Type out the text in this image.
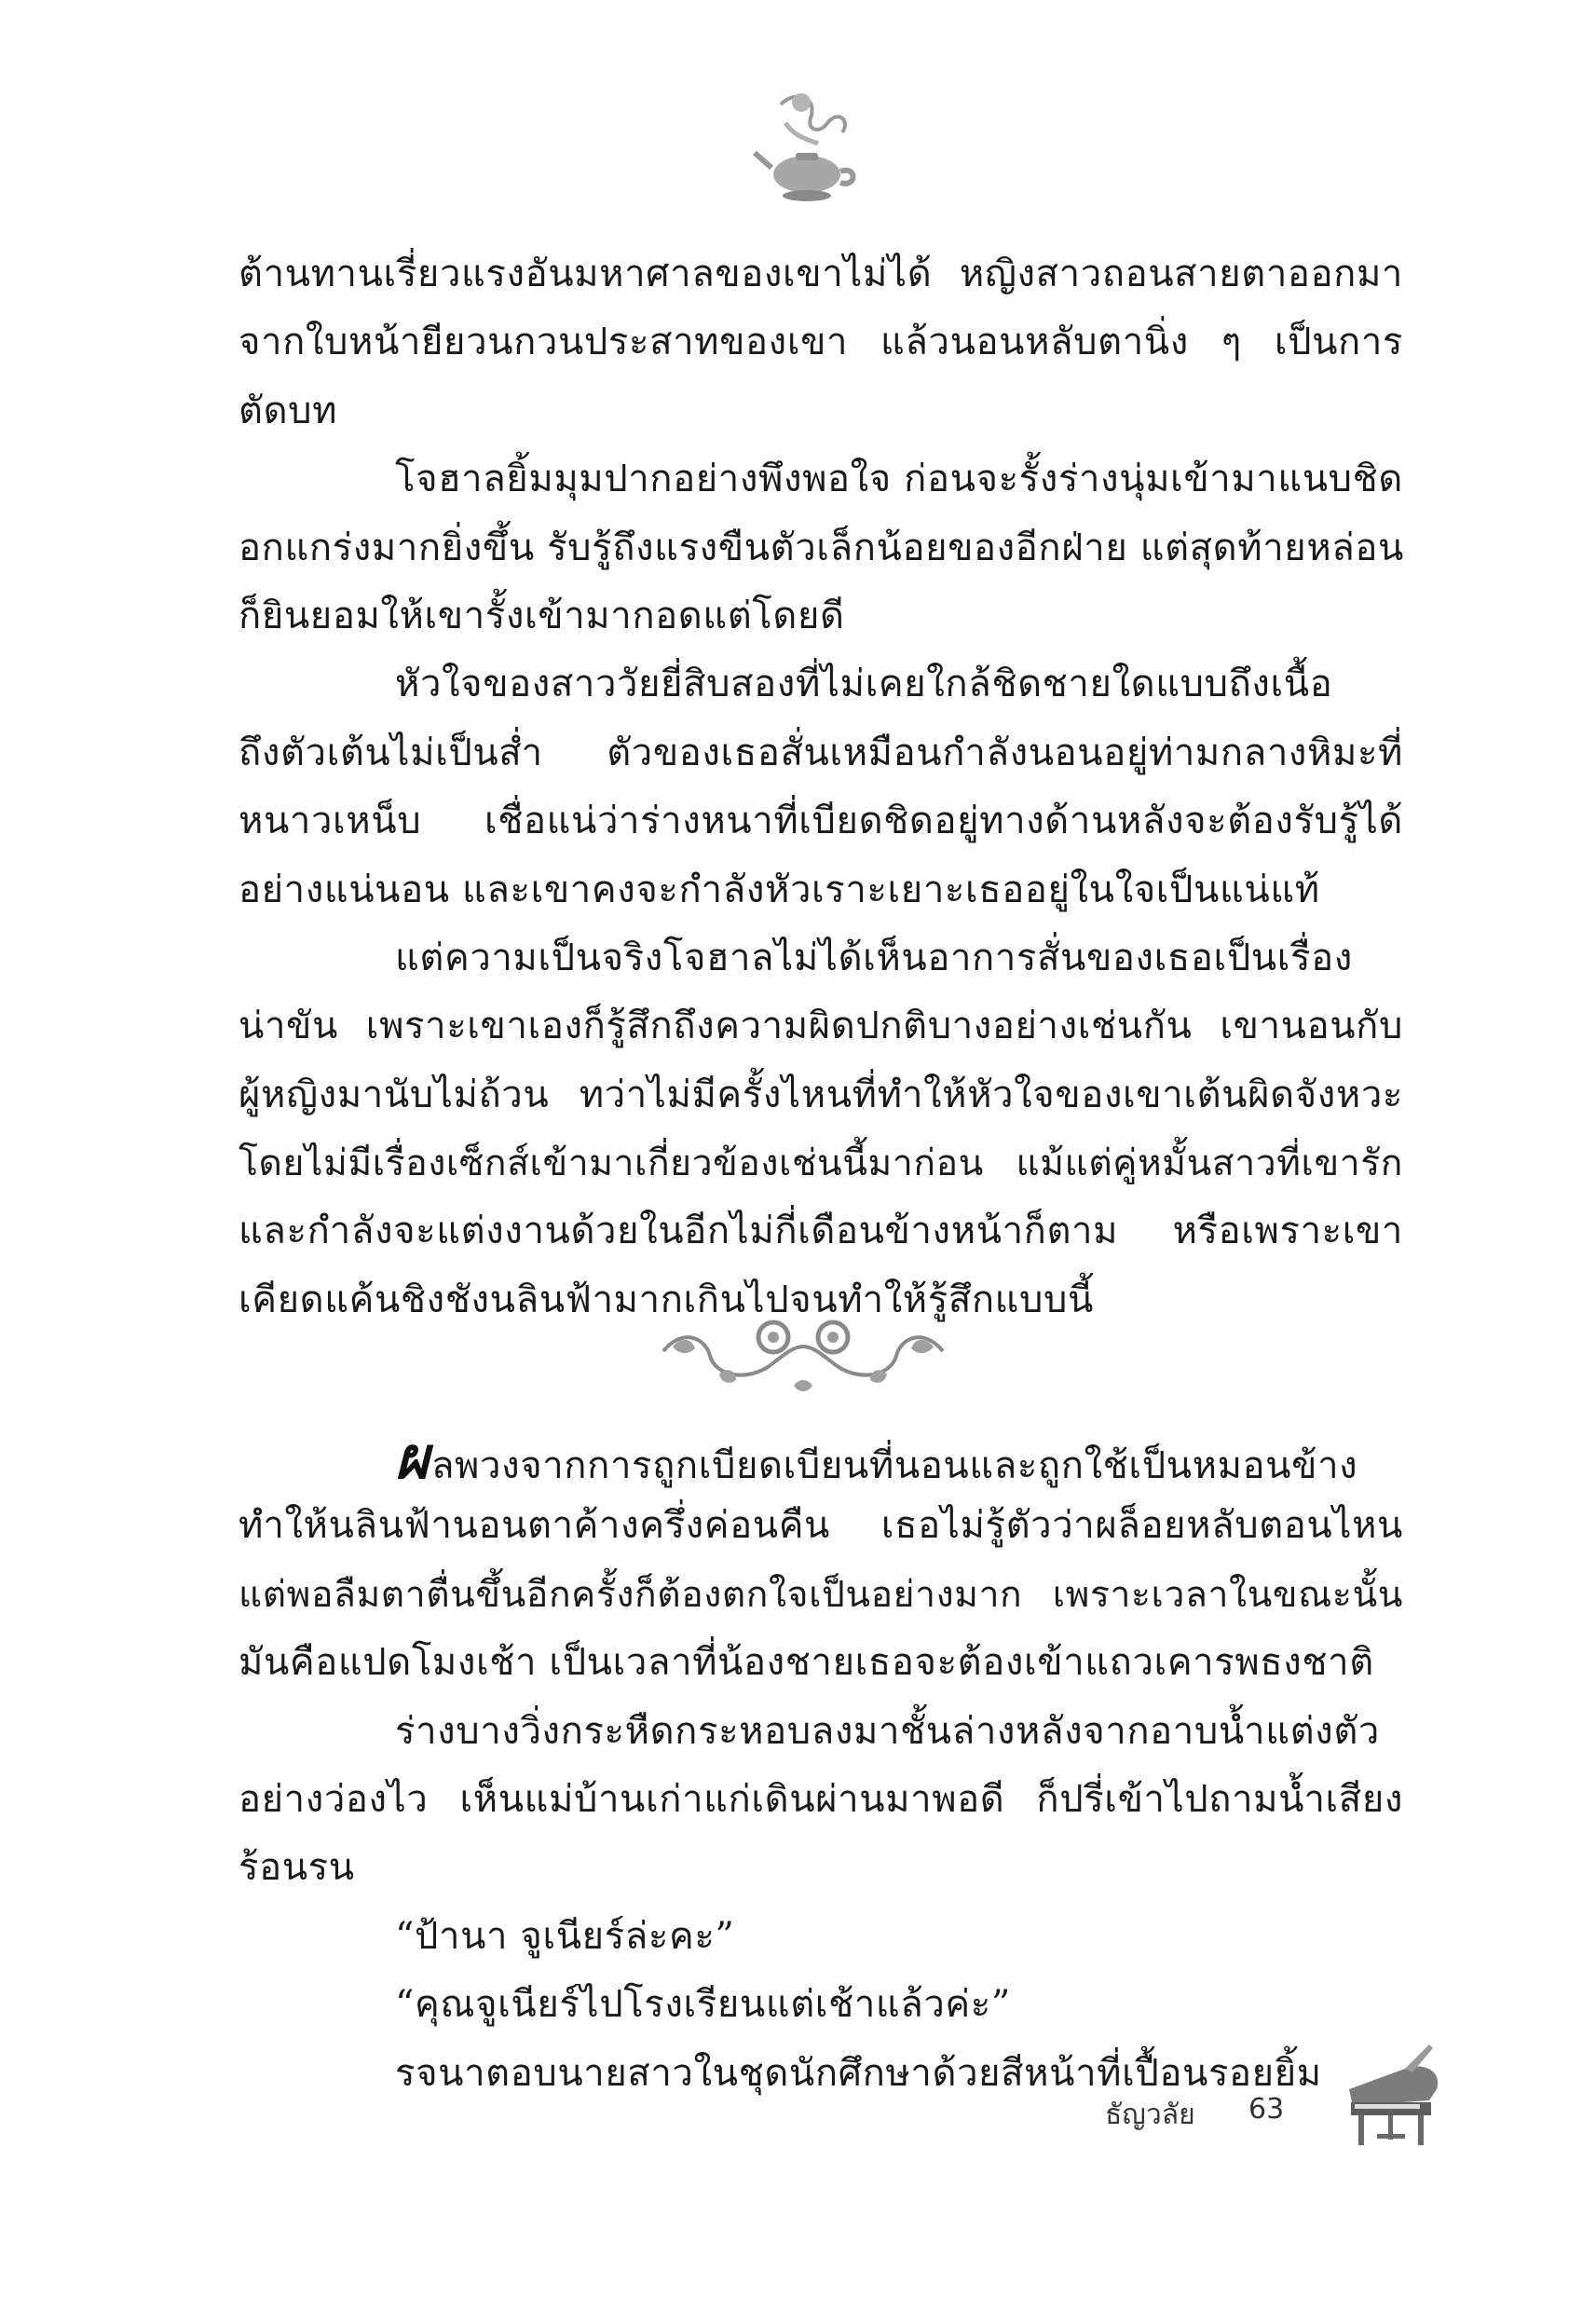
ต้านทานเรี่ยวแรงอันมหาศาลของเขาไม่ได้ หญิงสาวถอนสายตาออกมา
จากใบหน้ายียวนกวนประสาทของเขา แล้วนอนหลับตานิ่ง ๆ เป็นการ
ตัดบท
โจฮาลยิ้มมุมปากอย่างพึงพอใจ ก่อนจะรั้งร่างนุ่มเข้ามาแนบชิด
อกแกร่งมากยิ่งขึ้น รับรู้ถึงแรงขืนตัวเล็กน้อยของอีกฝ่าย แต่สุดท้ายหล่อน
ก็ยินยอมให้เขารั้งเข้ามากอดแต่โดยดี
หัวใจของสาววัยยี่สิบสองที่ไม่เคยใกล้ชิดชายใดแบบถึงเนื้อ
ถึงตัวเต้นไม่เป็นส่ำ ตัวของเธอสั่นเหมือนกำลังนอนอยู่ท่ามกลางหิมะที่
หนาวเหน็บ เชื่อแน่ว่าร่างหนาที่เบียดชิดอยู่ทางด้านหลังจะต้องรับรู้ได้
อย่างแน่นอน และเขาคงจะกำลังหัวเราะเยาะเธออยู่ในใจเป็นแน่แท้
แต่ความเป็นจริงโจฮาลไม่ได้เห็นอาการสั่นของเธอเป็นเรื่อง
น่าขัน เพราะเขาเองก็รู้สึกถึงความผิดปกติบางอย่างเช่นกัน เขานอนกับ
ผู้หญิงมานับไม่ถ้วน ทว่าไม่มีครั้งไหนที่ทำให้หัวใจของเขาเต้นผิดจังหวะ
โดยไม่มีเรื่องเซ็กส์เข้ามาเกี่ยวข้องเช่นนี้มาก่อน แม้แต่คู่หมั้นสาวที่เขารัก
และกำลังจะแต่งงานด้วยในอีกไม่กี่เดือนข้างหน้าก็ตาม หรือเพราะเขา
เคียดแค้นชิงชังนลินฟ้ามากเกินไปจนทำให้รู้สึกแบบนี้
ผลพวงจากการถูกเบียดเบียนที่นอนและถูกใช้เป็นหมอนข้าง
ทำให้นลินฟ้านอนตาค้างครึ่งค่อนคืน เธอไม่รู้ตัวว่าผล็อยหลับตอนไหน
แต่พอลืมตาตื่นขึ้นอีกครั้งก็ต้องตกใจเป็นอย่างมาก เพราะเวลาในขณะนั้น
มันคือแปดโมงเช้า เป็นเวลาที่น้องชายเธอจะต้องเข้าแถวเคารพธงชาติ
ร่างบางวิ่งกระหืดกระหอบลงมาชั้นล่างหลังจากอาบน้ำแต่งตัว
อย่างว่องไว เห็นแม่บ้านเก่าแก่เดินผ่านมาพอดี ก็ปรี่เข้าไปถามน้ำเสียง
ร้อนรน
“ป้านา จูเนียร์ล่ะคะ”
“คุณจูเนียร์ไปโรงเรียนแต่เช้าแล้วค่ะ”
รจนาตอบนายสาวในชุดนักศึกษาด้วยสีหน้าที่เปื้อนรอยยิ้ม
ธัญวลัย 63
